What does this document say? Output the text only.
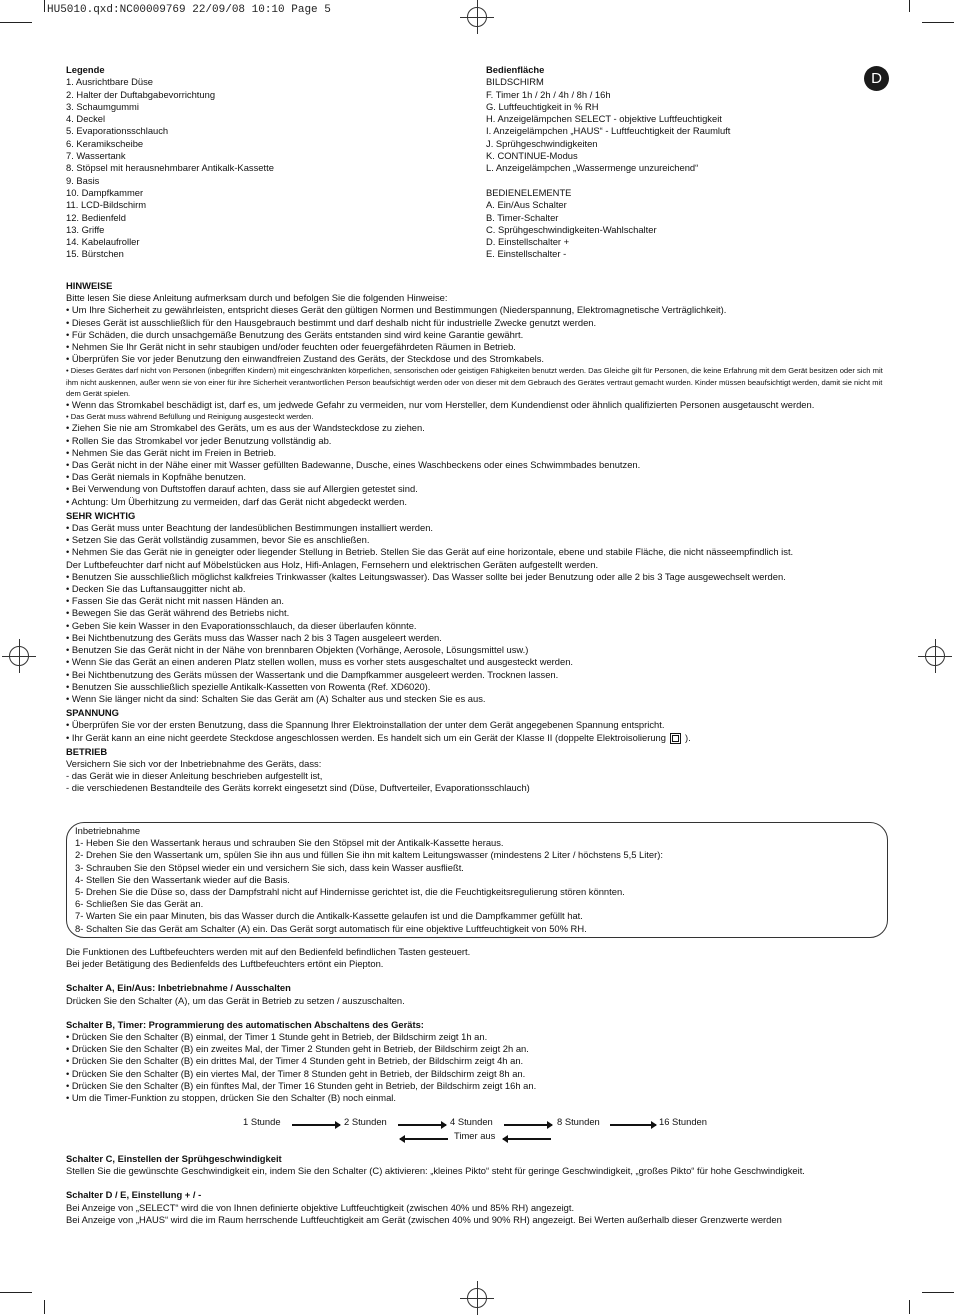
HU5010.qxd:NC00009769 22/09/08 10:10 Page 5
D
Legende
1. Ausrichtbare Düse
2. Halter der Duftabgabevorrichtung
3. Schaumgummi
4. Deckel
5. Evaporationsschlauch
6. Keramikscheibe
7. Wassertank
8. Stöpsel mit herausnehmbarer Antikalk-Kassette
9. Basis
10. Dampfkammer
11. LCD-Bildschirm
12. Bedienfeld
13. Griffe
14. Kabelaufroller
15. Bürstchen
Bedienfläche
BILDSCHIRM
F. Timer 1h / 2h / 4h / 8h / 16h
G. Luftfeuchtigkeit in % RH
H. Anzeigelämpchen SELECT - objektive Luftfeuchtigkeit
I. Anzeigelämpchen „HAUS“ - Luftfeuchtigkeit der Raumluft
J. Sprühgeschwindigkeiten
K. CONTINUE-Modus
L. Anzeigelämpchen „Wassermenge unzureichend“
BEDIENELEMENTE
A. Ein/Aus Schalter
B. Timer-Schalter
C. Sprühgeschwindigkeiten-Wahlschalter
D. Einstellschalter +
E. Einstellschalter -
HINWEISE
Bitte lesen Sie diese Anleitung aufmerksam durch und befolgen Sie die folgenden Hinweise:
• Um Ihre Sicherheit zu gewährleisten, entspricht dieses Gerät den gültigen Normen und Bestimmungen (Niederspannung, Elektromagnetische Verträglichkeit).
• Dieses Gerät ist ausschließlich für den Hausgebrauch bestimmt und darf deshalb nicht für industrielle Zwecke genutzt werden.
• Für Schäden, die durch unsachgemäße Benutzung des Geräts entstanden sind wird keine Garantie gewährt.
• Nehmen Sie Ihr Gerät nicht in sehr staubigen und/oder feuchten oder feuergefährdeten Räumen in Betrieb.
• Überprüfen Sie vor jeder Benutzung den einwandfreien Zustand des Geräts, der Steckdose und des Stromkabels.
• Dieses Gerätes darf nicht von Personen (inbegriffen Kindern) mit eingeschränkten körperlichen, sensorischen oder geistigen Fähigkeiten benutzt werden. Das Gleiche gilt für Personen, die keine Erfahrung mit dem Gerät besitzen oder sich mit ihm nicht auskennen, außer wenn sie von einer für ihre Sicherheit verantwortlichen Person beaufsichtigt werden oder von dieser mit dem Gebrauch des Gerätes vertraut gemacht wurden. Kinder müssen beaufsichtigt werden, damit sie nicht mit dem Gerät spielen.
• Wenn das Stromkabel beschädigt ist, darf es, um jedwede Gefahr zu vermeiden, nur vom Hersteller, dem Kundendienst oder ähnlich qualifizierten Personen ausgetauscht werden.
• Das Gerät muss während Befüllung und Reinigung ausgesteckt werden.
• Ziehen Sie nie am Stromkabel des Geräts, um es aus der Wandsteckdose zu ziehen.
• Rollen Sie das Stromkabel vor jeder Benutzung vollständig ab.
• Nehmen Sie das Gerät nicht im Freien in Betrieb.
• Das Gerät nicht in der Nähe einer mit Wasser gefüllten Badewanne, Dusche, eines Waschbeckens oder eines Schwimmbades benutzen.
• Das Gerät niemals in Kopfnähe benutzen.
• Bei Verwendung von Duftstoffen darauf achten, dass sie auf Allergien getestet sind.
• Achtung: Um Überhitzung zu vermeiden, darf das Gerät nicht abgedeckt werden.
SEHR WICHTIG
• Das Gerät muss unter Beachtung der landesüblichen Bestimmungen installiert werden.
• Setzen Sie das Gerät vollständig zusammen, bevor Sie es anschließen.
• Nehmen Sie das Gerät nie in geneigter oder liegender Stellung in Betrieb. Stellen Sie das Gerät auf eine horizontale, ebene und stabile Fläche, die nicht nässeempfindlich ist.
Der Luftbefeuchter darf nicht auf Möbelstücken aus Holz, Hifi-Anlagen, Fernsehern und elektrischen Geräten aufgestellt werden.
• Benutzen Sie ausschließlich möglichst kalkfreies Trinkwasser (kaltes Leitungswasser). Das Wasser sollte bei jeder Benutzung oder alle 2 bis 3 Tage ausgewechselt werden.
• Decken Sie das Luftansauggitter nicht ab.
• Fassen Sie das Gerät nicht mit nassen Händen an.
• Bewegen Sie das Gerät während des Betriebs nicht.
• Geben Sie kein Wasser in den Evaporationsschlauch, da dieser überlaufen könnte.
• Bei Nichtbenutzung des Geräts muss das Wasser nach 2 bis 3 Tagen ausgeleert werden.
• Benutzen Sie das Gerät nicht in der Nähe von brennbaren Objekten (Vorhänge, Aerosole, Lösungsmittel usw.)
• Wenn Sie das Gerät an einen anderen Platz stellen wollen, muss es vorher stets ausgeschaltet und ausgesteckt werden.
• Bei Nichtbenutzung des Geräts müssen der Wassertank und die Dampfkammer ausgeleert werden. Trocknen lassen.
• Benutzen Sie ausschließlich spezielle Antikalk-Kassetten von Rowenta (Ref. XD6020).
• Wenn Sie länger nicht da sind: Schalten Sie das Gerät am (A) Schalter aus und stecken Sie es aus.
SPANNUNG
• Überprüfen Sie vor der ersten Benutzung, dass die Spannung Ihrer Elektroinstallation der unter dem Gerät angegebenen Spannung entspricht.
• Ihr Gerät kann an eine nicht geerdete Steckdose angeschlossen werden. Es handelt sich um ein Gerät der Klasse II (doppelte Elektroisolierung ).
BETRIEB
Versichern Sie sich vor der Inbetriebnahme des Geräts, dass:
- das Gerät wie in dieser Anleitung beschrieben aufgestellt ist,
- die verschiedenen Bestandteile des Geräts korrekt eingesetzt sind (Düse, Duftverteiler, Evaporationsschlauch)
Inbetriebnahme
1- Heben Sie den Wassertank heraus und schrauben Sie den Stöpsel mit der Antikalk-Kassette heraus.
2- Drehen Sie den Wassertank um, spülen Sie ihn aus und füllen Sie ihn mit kaltem Leitungswasser (mindestens 2 Liter / höchstens 5,5 Liter):
3- Schrauben Sie den Stöpsel wieder ein und versichern Sie sich, dass kein Wasser ausfließt.
4- Stellen Sie den Wassertank wieder auf die Basis.
5- Drehen Sie die Düse so, dass der Dampfstrahl nicht auf Hindernisse gerichtet ist, die die Feuchtigkeitsregulierung stören könnten.
6- Schließen Sie das Gerät an.
7- Warten Sie ein paar Minuten, bis das Wasser durch die Antikalk-Kassette gelaufen ist und die Dampfkammer gefüllt hat.
8- Schalten Sie das Gerät am Schalter (A) ein. Das Gerät sorgt automatisch für eine objektive Luftfeuchtigkeit von 50% RH.
Die Funktionen des Luftbefeuchters werden mit auf den Bedienfeld befindlichen Tasten gesteuert.
Bei jeder Betätigung des Bedienfelds des Luftbefeuchters ertönt ein Piepton.
Schalter A, Ein/Aus: Inbetriebnahme / Ausschalten
Drücken Sie den Schalter (A), um das Gerät in Betrieb zu setzen / auszuschalten.
Schalter B, Timer: Programmierung des automatischen Abschaltens des Geräts:
• Drücken Sie den Schalter (B) einmal, der Timer 1 Stunde geht in Betrieb, der Bildschirm zeigt 1h an.
• Drücken Sie den Schalter (B) ein zweites Mal, der Timer 2 Stunden geht in Betrieb, der Bildschirm zeigt 2h an.
• Drücken Sie den Schalter (B) ein drittes Mal, der Timer 4 Stunden geht in Betrieb, der Bildschirm zeigt 4h an.
• Drücken Sie den Schalter (B) ein viertes Mal, der Timer 8 Stunden geht in Betrieb, der Bildschirm zeigt 8h an.
• Drücken Sie den Schalter (B) ein fünftes Mal, der Timer 16 Stunden geht in Betrieb, der Bildschirm zeigt 16h an.
• Um die Timer-Funktion zu stoppen, drücken Sie den Schalter (B) noch einmal.
1 Stunde	2 Stunden	4 Stunden	8 Stunden	16 Stunden
Timer aus
Schalter C, Einstellen der Sprühgeschwindigkeit
Stellen Sie die gewünschte Geschwindigkeit ein, indem Sie den Schalter (C) aktivieren: „kleines Pikto“ steht für geringe Geschwindigkeit, „großes Pikto“ für hohe Geschwindigkeit.
Schalter D / E, Einstellung + / -
Bei Anzeige von „SELECT“ wird die von Ihnen definierte objektive Luftfeuchtigkeit (zwischen 40% und 85% RH) angezeigt.
Bei Anzeige von „HAUS“ wird die im Raum herrschende Luftfeuchtigkeit am Gerät (zwischen 40% und 90% RH) angezeigt. Bei Werten außerhalb dieser Grenzwerte werden
